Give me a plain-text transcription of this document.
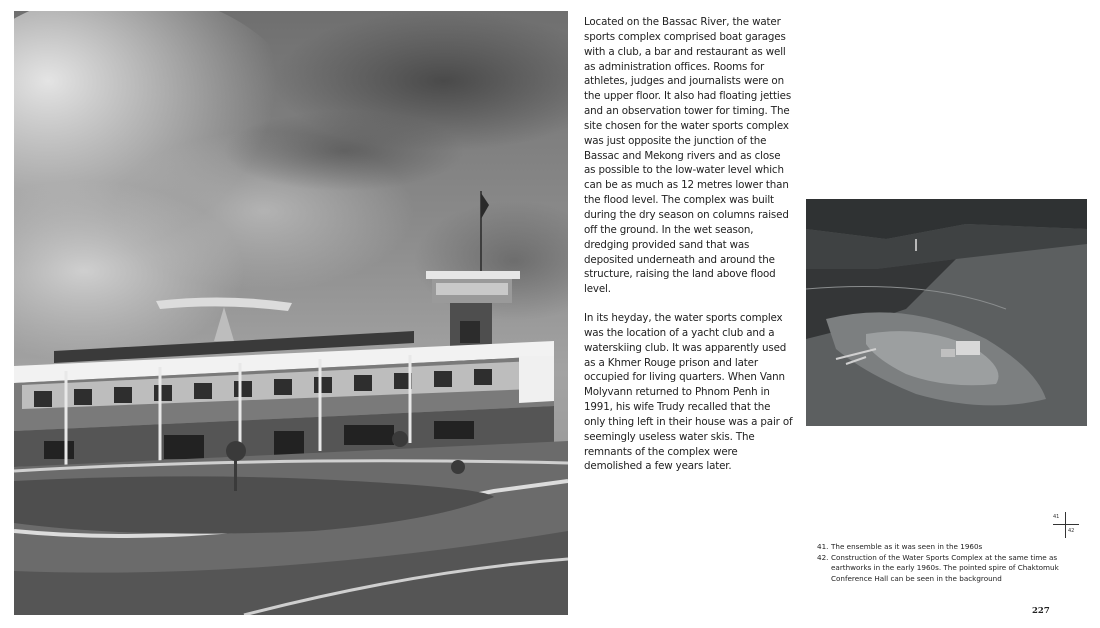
Located on the Bassac River, the water sports complex comprised boat garages with a club, a bar and restaurant as well as administration offices. Rooms for athletes, judges and journalists were on the upper floor. It also had floating jetties and an observation tower for timing. The site chosen for the water sports complex was just opposite the junction of the Bassac and Mekong rivers and as close as possible to the low-water level which can be as much as 12 metres lower than the flood level. The complex was built during the dry season on columns raised off the ground. In the wet season, dredging provided sand that was deposited underneath and around the structure, raising the land above flood level.

In its heyday, the water sports complex was the location of a yacht club and a waterskiing club. It was apparently used as a Khmer Rouge prison and later occupied for living quarters. When Vann Molyvann returned to Phnom Penh in 1991, his wife Trudy recalled that the only thing left in their house was a pair of seemingly useless water skis. The remnants of the complex were demolished a few years later.

41
42
41. The ensemble as it was seen in the 1960s
42. Construction of the Water Sports Complex at the same time as earthworks in the early 1960s. The pointed spire of Chaktomuk Conference Hall can be seen in the background
227
